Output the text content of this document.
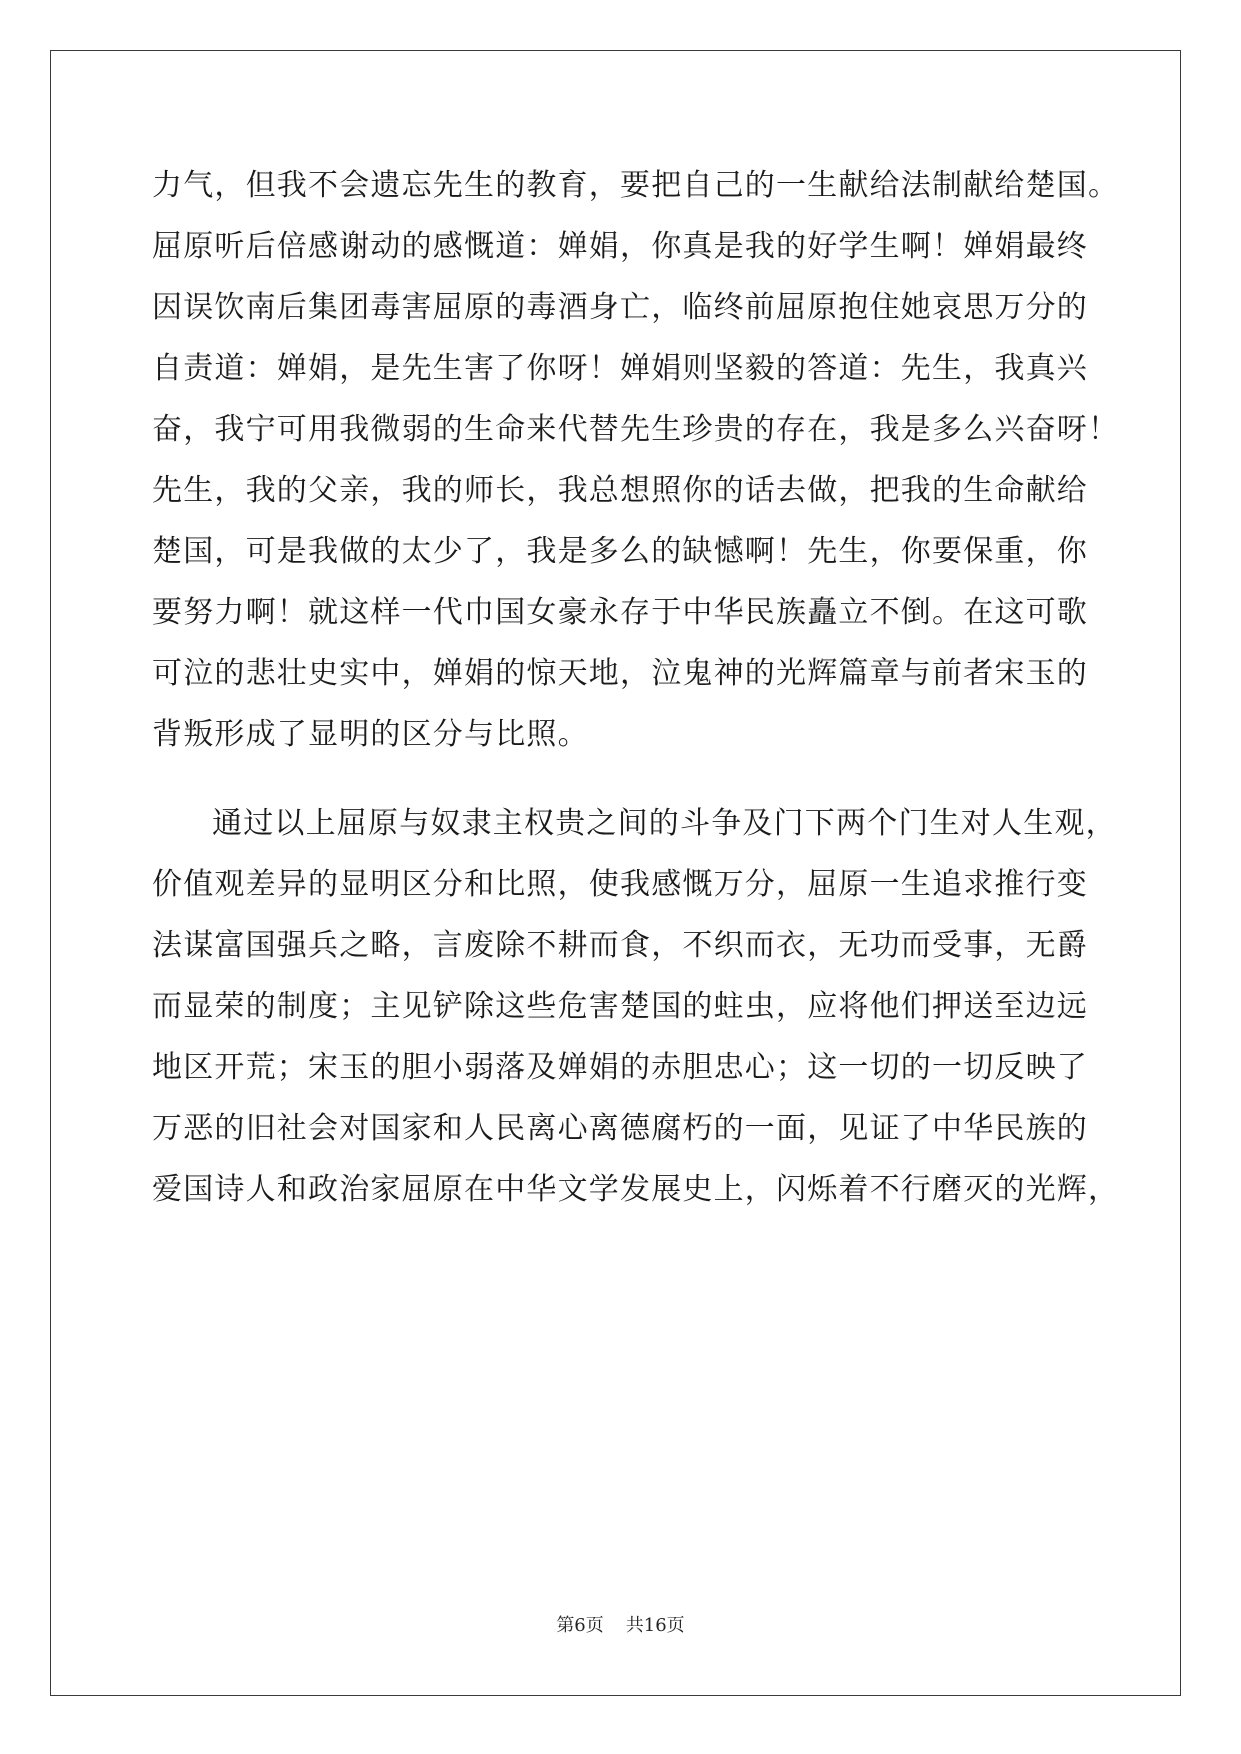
力气，但我不会遗忘先生的教育，要把自己的一生献给法制献给楚国。
屈原听后倍感谢动的感慨道：婵娟，你真是我的好学生啊！婵娟最终
因误饮南后集团毒害屈原的毒酒身亡，临终前屈原抱住她哀思万分的
自责道：婵娟，是先生害了你呀！婵娟则坚毅的答道：先生，我真兴
奋，我宁可用我微弱的生命来代替先生珍贵的存在，我是多么兴奋呀！
先生，我的父亲，我的师长，我总想照你的话去做，把我的生命献给
楚国，可是我做的太少了，我是多么的缺憾啊！先生，你要保重，你
要努力啊！就这样一代巾国女豪永存于中华民族矗立不倒。在这可歌
可泣的悲壮史实中，婵娟的惊天地，泣鬼神的光辉篇章与前者宋玉的
背叛形成了显明的区分与比照。
通过以上屈原与奴隶主权贵之间的斗争及门下两个门生对人生观，
价值观差异的显明区分和比照，使我感慨万分，屈原一生追求推行变
法谋富国强兵之略，言废除不耕而食，不织而衣，无功而受事，无爵
而显荣的制度；主见铲除这些危害楚国的蛀虫，应将他们押送至边远
地区开荒；宋玉的胆小弱落及婵娟的赤胆忠心；这一切的一切反映了
万恶的旧社会对国家和人民离心离德腐朽的一面，见证了中华民族的
爱国诗人和政治家屈原在中华文学发展史上，闪烁着不行磨灭的光辉，
第6页 共16页
